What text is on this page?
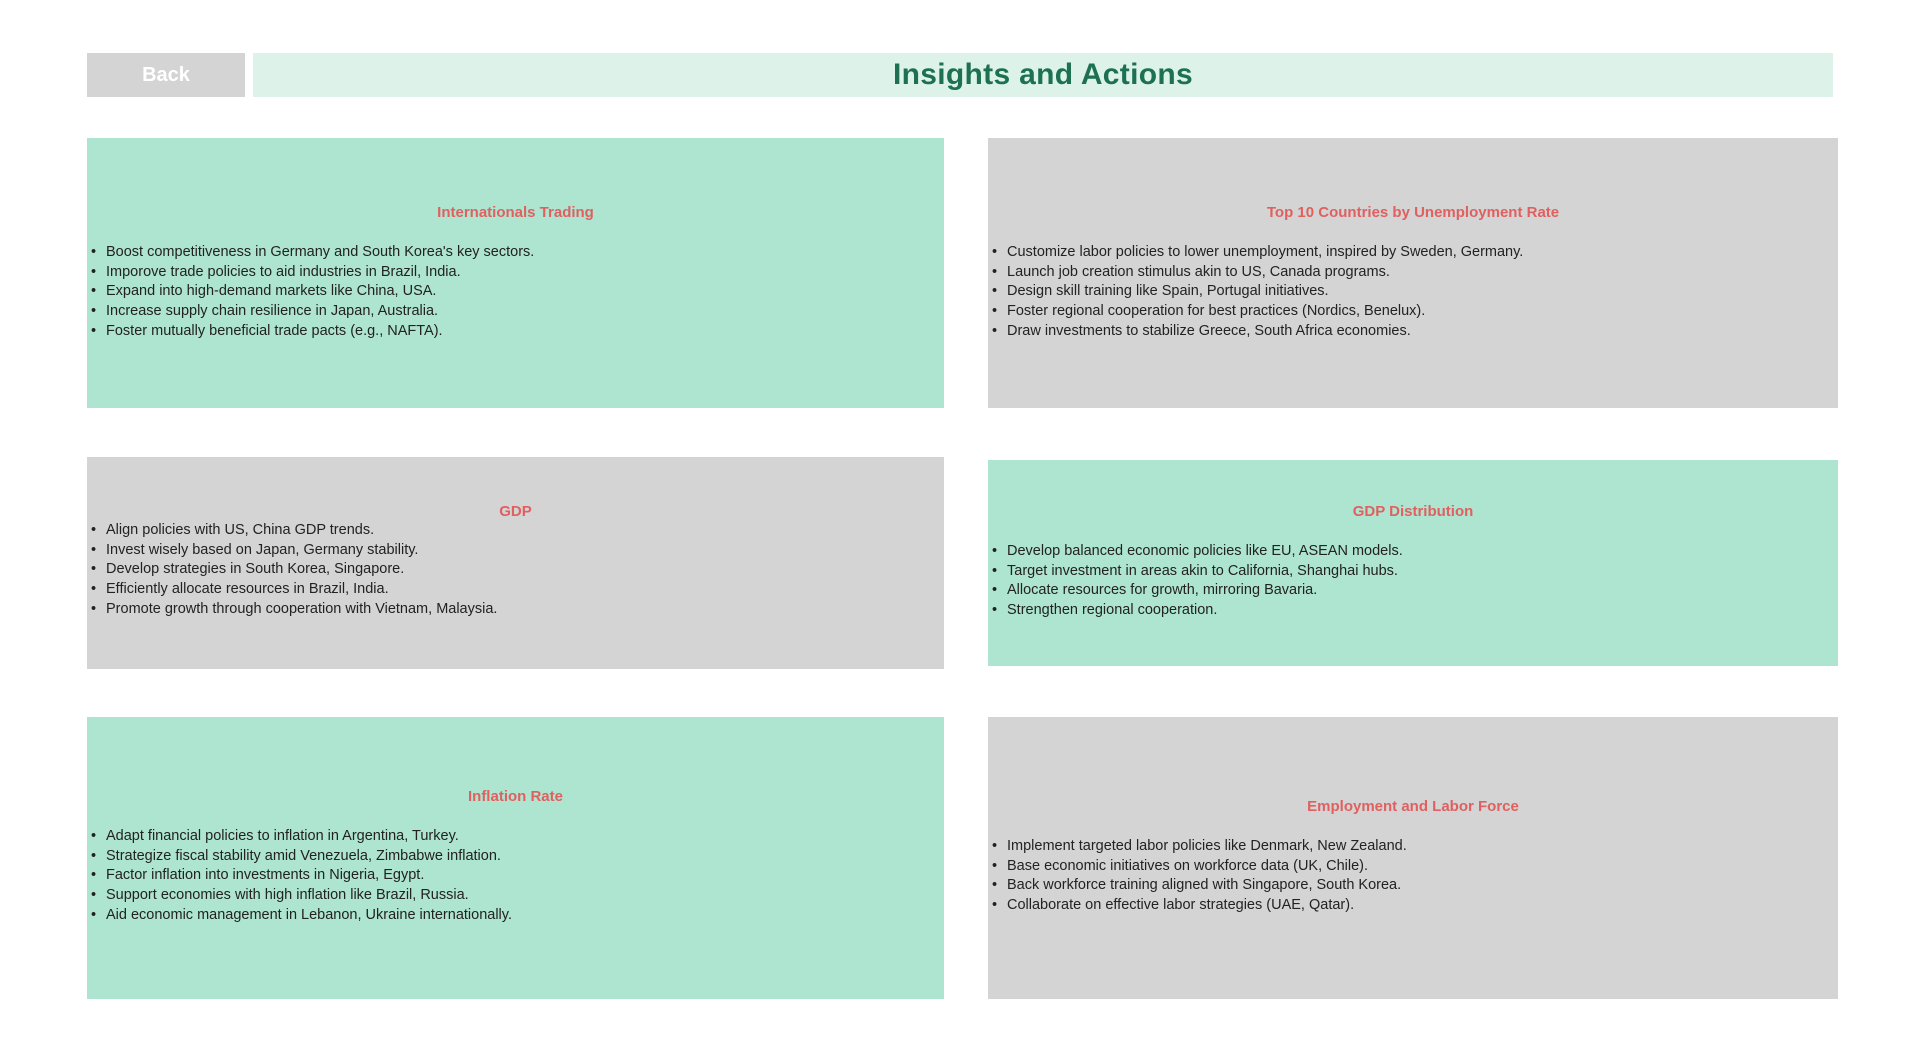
Back	Insights and Actions
Internationals Trading
• Boost competitiveness in Germany and South Korea's key sectors.
• Imporove trade policies to aid industries in Brazil, India.
• Expand into high-demand markets like China, USA.
• Increase supply chain resilience in Japan, Australia.
• Foster mutually beneficial trade pacts (e.g., NAFTA).
Top 10 Countries by Unemployment Rate
• Customize labor policies to lower unemployment, inspired by Sweden, Germany.
• Launch job creation stimulus akin to US, Canada programs.
• Design skill training like Spain, Portugal initiatives.
• Foster regional cooperation for best practices (Nordics, Benelux).
• Draw investments to stabilize Greece, South Africa economies.
GDP
• Align policies with US, China GDP trends.
• Invest wisely based on Japan, Germany stability.
• Develop strategies in South Korea, Singapore.
• Efficiently allocate resources in Brazil, India.
• Promote growth through cooperation with Vietnam, Malaysia.
GDP Distribution
• Develop balanced economic policies like EU, ASEAN models.
• Target investment in areas akin to California, Shanghai hubs.
• Allocate resources for growth, mirroring Bavaria.
• Strengthen regional cooperation.
Inflation Rate
• Adapt financial policies to inflation in Argentina, Turkey.
• Strategize fiscal stability amid Venezuela, Zimbabwe inflation.
• Factor inflation into investments in Nigeria, Egypt.
• Support economies with high inflation like Brazil, Russia.
• Aid economic management in Lebanon, Ukraine internationally.
Employment and Labor Force
• Implement targeted labor policies like Denmark, New Zealand.
• Base economic initiatives on workforce data (UK, Chile).
• Back workforce training aligned with Singapore, South Korea.
• Collaborate on effective labor strategies (UAE, Qatar).
